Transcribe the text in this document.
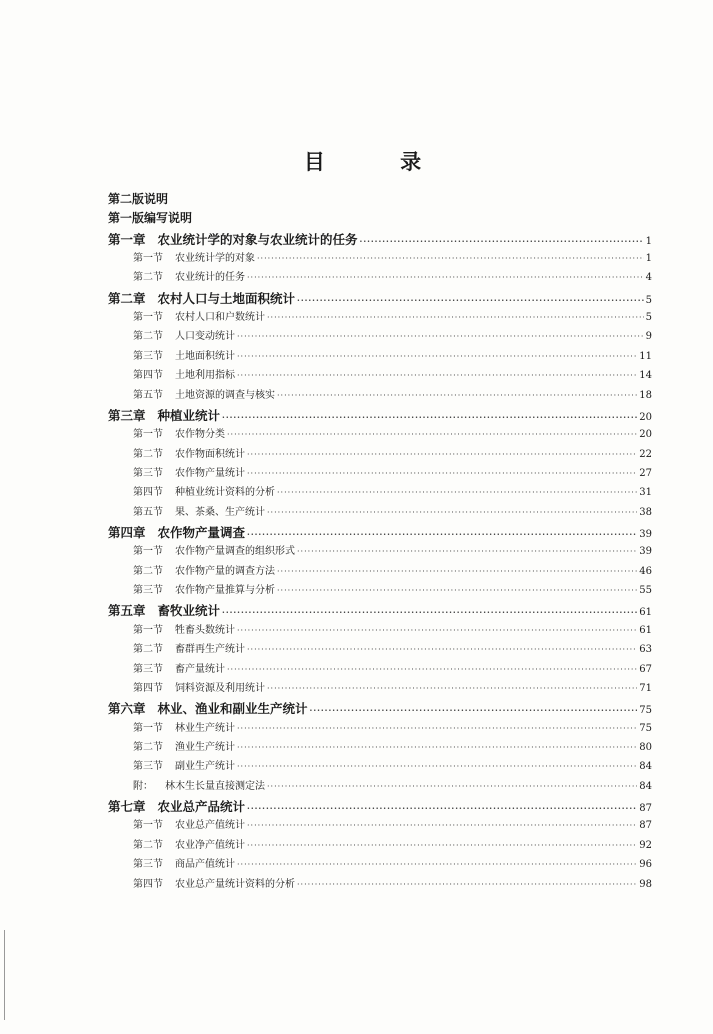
目 录
第二版说明
第一版编写说明
第一章 农业统计学的对象与农业统计的任务 ·····	1
第一节 农业统计学的对象 ·····	1
第二节 农业统计的任务 ·····	4
第二章 农村人口与土地面积统计 ·····	5
第一节 农村人口和户数统计 ·····	5
第二节 人口变动统计 ·····	9
第三节 土地面积统计 ·····	11
第四节 土地利用指标 ·····	14
第五节 土地资源的调查与核实 ·····	18
第三章 种植业统计 ·····	20
第一节 农作物分类 ·····	20
第二节 农作物面积统计 ·····	22
第三节 农作物产量统计 ·····	27
第四节 种植业统计资料的分析 ·····	31
第五节 果、茶桑、生产统计 ·····	38
第四章 农作物产量调查 ·····	39
第一节 农作物产量调查的组织形式 ·····	39
第二节 农作物产量的调查方法 ·····	46
第三节 农作物产量推算与分析 ·····	55
第五章 畜牧业统计 ·····	61
第一节 牲畜头数统计 ·····	61
第二节 畜群再生产统计 ·····	63
第三节 畜产量统计 ·····	67
第四节 饲料资源及利用统计 ·····	71
第六章 林业、渔业和副业生产统计 ·····	75
第一节 林业生产统计 ·····	75
第二节 渔业生产统计 ·····	80
第三节 副业生产统计 ·····	84
附： 林木生长量直接测定法 ·····	84
第七章 农业总产品统计 ·····	87
第一节 农业总产值统计 ·····	87
第二节 农业净产值统计 ·····	92
第三节 商品产值统计 ·····	96
第四节 农业总产量统计资料的分析 ·····	98
